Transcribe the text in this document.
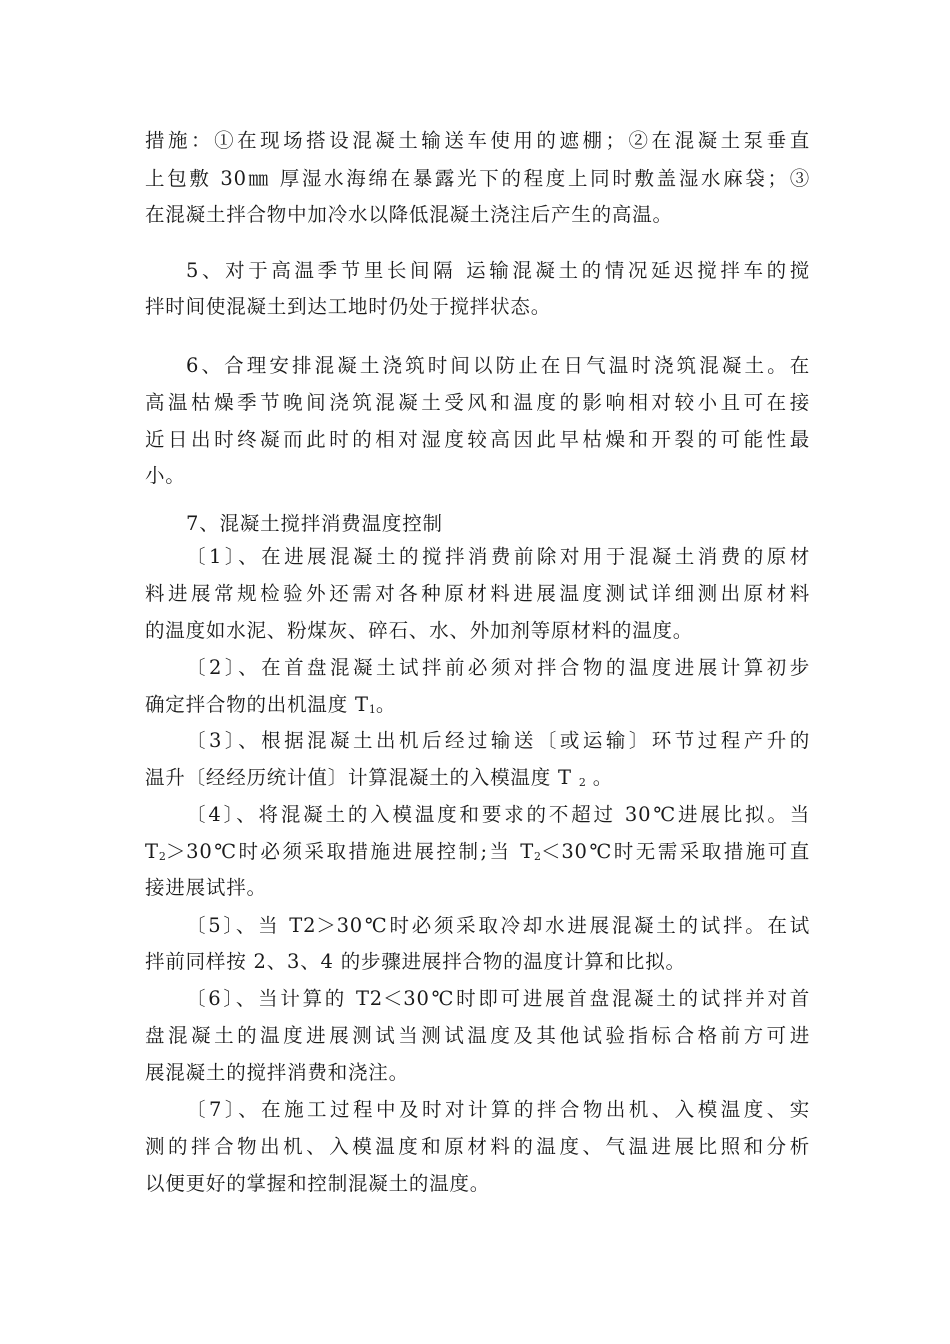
措施：①在现场搭设混凝土输送车使用的遮棚；②在混凝土泵垂直
上包敷 30㎜ 厚湿水海绵在暴露光下的程度上同时敷盖湿水麻袋；③
在混凝土拌合物中加冷水以降低混凝土浇注后产生的高温。
5、对于高温季节里长间隔 运输混凝土的情况延迟搅拌车的搅
拌时间使混凝土到达工地时仍处于搅拌状态。
6、合理安排混凝土浇筑时间以防止在日气温时浇筑混凝土。在
高温枯燥季节晚间浇筑混凝土受风和温度的影响相对较小且可在接
近日出时终凝而此时的相对湿度较高因此早枯燥和开裂的可能性最
小。
7、混凝土搅拌消费温度控制
〔1〕、在进展混凝土的搅拌消费前除对用于混凝土消费的原材
料进展常规检验外还需对各种原材料进展温度测试详细测出原材料
的温度如水泥、粉煤灰、碎石、水、外加剂等原材料的温度。
〔2〕、在首盘混凝土试拌前必须对拌合物的温度进展计算初步
确定拌合物的出机温度 T1。
〔3〕、根据混凝土出机后经过输送〔或运输〕环节过程产升的
温升〔经经历统计值〕计算混凝土的入模温度 T 2 。
〔4〕、将混凝土的入模温度和要求的不超过 30℃进展比拟。当
T2＞30℃时必须采取措施进展控制;当 T2＜30℃时无需采取措施可直
接进展试拌。
〔5〕、当 T2＞30℃时必须采取冷却水进展混凝土的试拌。在试
拌前同样按 2、3、4 的步骤进展拌合物的温度计算和比拟。
〔6〕、当计算的 T2＜30℃时即可进展首盘混凝土的试拌并对首
盘混凝土的温度进展测试当测试温度及其他试验指标合格前方可进
展混凝土的搅拌消费和浇注。
〔7〕、在施工过程中及时对计算的拌合物出机、入模温度、实
测的拌合物出机、入模温度和原材料的温度、气温进展比照和分析
以便更好的掌握和控制混凝土的温度。
